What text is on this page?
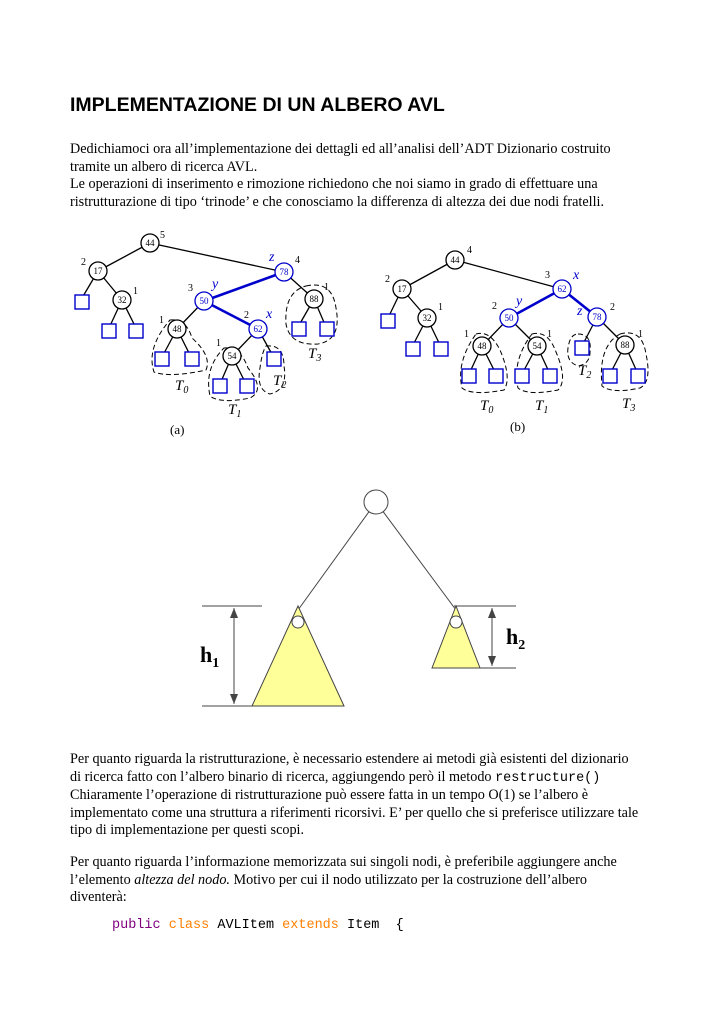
IMPLEMENTAZIONE DI UN ALBERO AVL

Dedichiamoci ora all’implementazione dei dettagli ed all’analisi dell’ADT Dizionario costruito
tramite un albero di ricerca AVL.
Le operazioni di inserimento e rimozione richiedono che noi siamo in grado di effettuare una
ristrutturazione di tipo ‘trinode’ e che conosciamo la differenza di altezza dei due nodi fratelli.

44
17
32
78
50	88
48	62
54
5
2
1
4
3	1
1	2
1
z
y
x
$T_0$
$T_1$
$T_2$
$T_3$
(a)
44
17
32
62
50	78
48	54	88
4
2
1
3
2	2
1	1	1
x
y
z
$T_0$	$T_1$
$T_2$
$T_3$
(b)
$h_1$
$h_2$

Per quanto riguarda la ristrutturazione, è necessario estendere ai metodi già esistenti del dizionario
di ricerca fatto con l’albero binario di ricerca, aggiungendo però il metodo restructure()
Chiaramente l’operazione di ristrutturazione può essere fatta in un tempo O(1) se l’albero è
implementato come una struttura a riferimenti ricorsivi. E’ per quello che si preferisce utilizzare tale
tipo di implementazione per questi scopi.

Per quanto riguarda l’informazione memorizzata sui singoli nodi, è preferibile aggiungere anche
l’elemento altezza del nodo. Motivo per cui il nodo utilizzato per la costruzione dell’albero
diventerà:

public class AVLItem extends Item {
